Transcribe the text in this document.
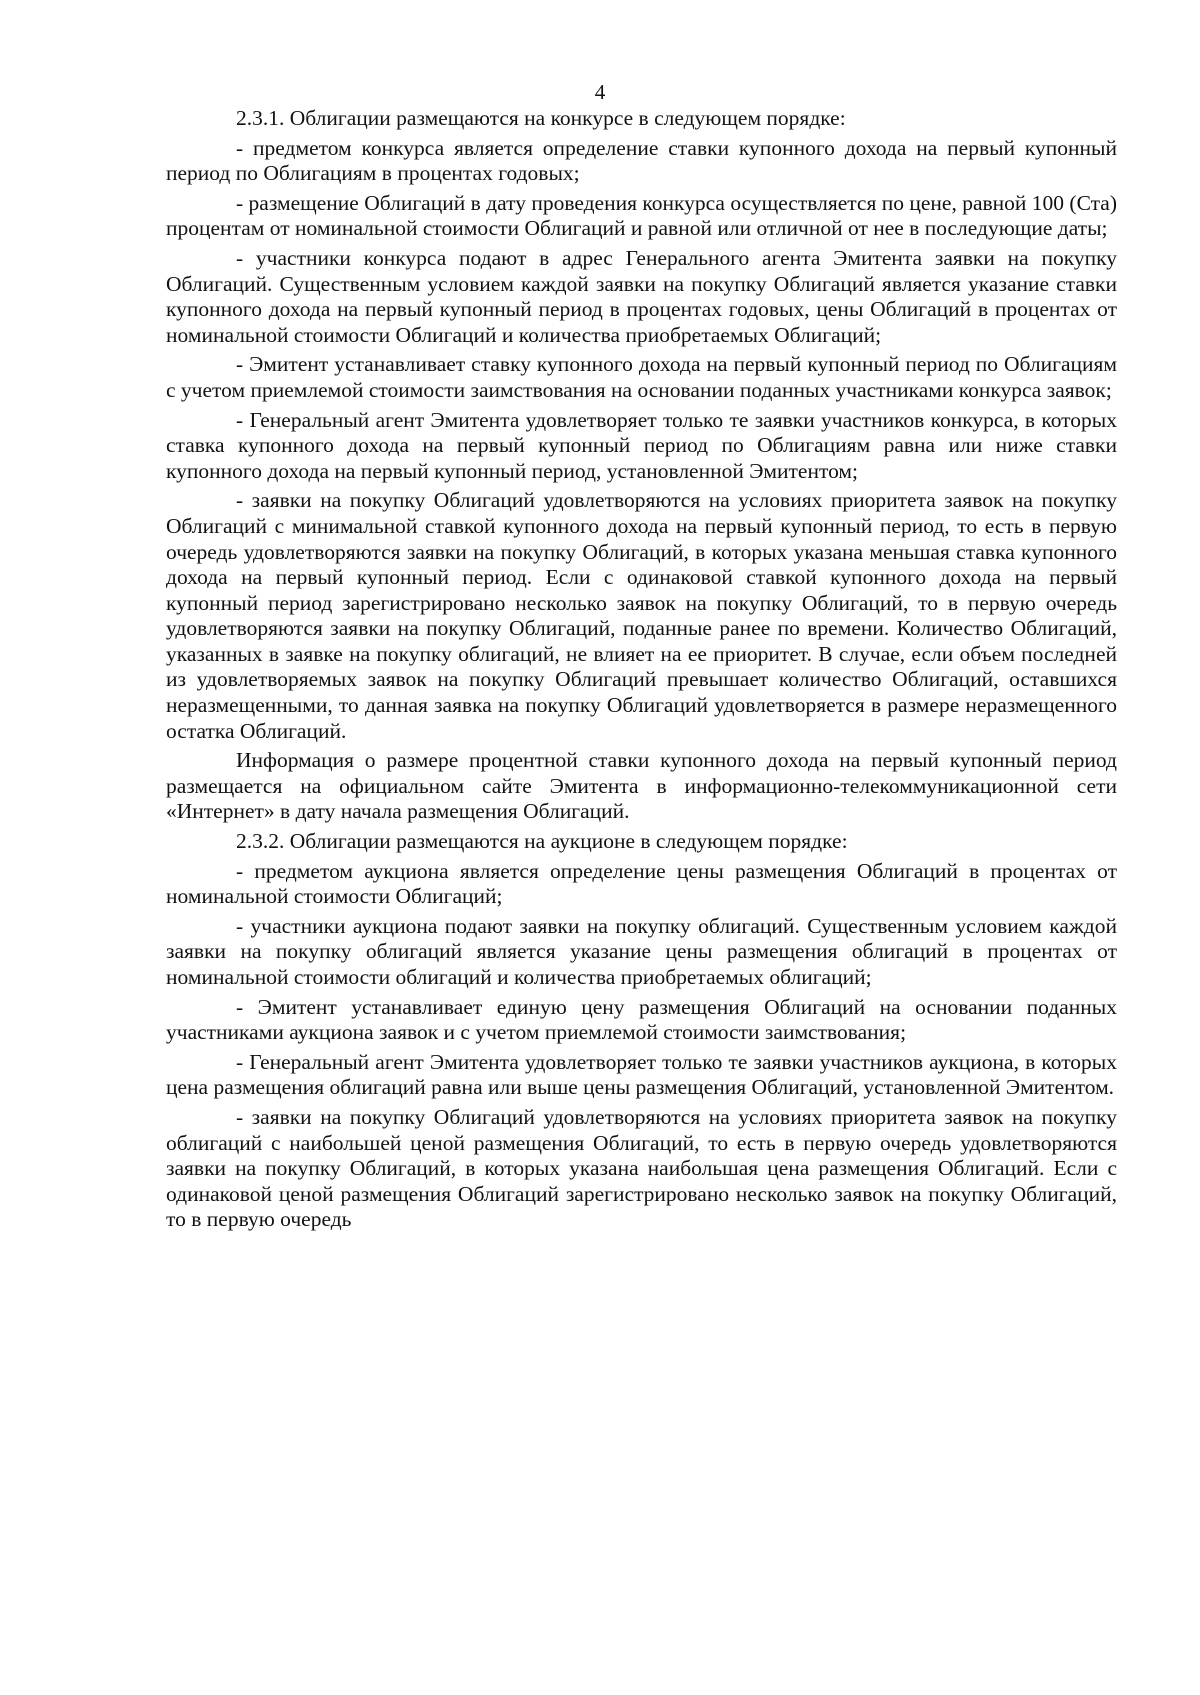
4

2.3.1. Облигации размещаются на конкурсе в следующем порядке:

- предметом конкурса является определение ставки купонного дохода на первый купонный период по Облигациям в процентах годовых;

- размещение Облигаций в дату проведения конкурса осуществляется по цене, равной 100 (Ста) процентам от номинальной стоимости Облигаций и равной или отличной от нее в последующие даты;

- участники конкурса подают в адрес Генерального агента Эмитента заявки на покупку Облигаций. Существенным условием каждой заявки на покупку Облигаций является указание ставки купонного дохода на первый купонный период в процентах годовых, цены Облигаций в процентах от номинальной стоимости Облигаций и количества приобретаемых Облигаций;

- Эмитент устанавливает ставку купонного дохода на первый купонный период по Облигациям с учетом приемлемой стоимости заимствования на основании поданных участниками конкурса заявок;

- Генеральный агент Эмитента удовлетворяет только те заявки участников конкурса, в которых ставка купонного дохода на первый купонный период по Облигациям равна или ниже ставки купонного дохода на первый купонный период, установленной Эмитентом;

- заявки на покупку Облигаций удовлетворяются на условиях приоритета заявок на покупку Облигаций с минимальной ставкой купонного дохода на первый купонный период, то есть в первую очередь удовлетворяются заявки на покупку Облигаций, в которых указана меньшая ставка купонного дохода на первый купонный период. Если с одинаковой ставкой купонного дохода на первый купонный период зарегистрировано несколько заявок на покупку Облигаций, то в первую очередь удовлетворяются заявки на покупку Облигаций, поданные ранее по времени. Количество Облигаций, указанных в заявке на покупку облигаций, не влияет на ее приоритет. В случае, если объем последней из удовлетворяемых заявок на покупку Облигаций превышает количество Облигаций, оставшихся неразмещенными, то данная заявка на покупку Облигаций удовлетворяется в размере неразмещенного остатка Облигаций.

Информация о размере процентной ставки купонного дохода на первый купонный период размещается на официальном сайте Эмитента в информационно-телекоммуникационной сети «Интернет» в дату начала размещения Облигаций.

2.3.2. Облигации размещаются на аукционе в следующем порядке:

- предметом аукциона является определение цены размещения Облигаций в процентах от номинальной стоимости Облигаций;

- участники аукциона подают заявки на покупку облигаций. Существенным условием каждой заявки на покупку облигаций является указание цены размещения облигаций в процентах от номинальной стоимости облигаций и количества приобретаемых облигаций;

- Эмитент устанавливает единую цену размещения Облигаций на основании поданных участниками аукциона заявок и с учетом приемлемой стоимости заимствования;

- Генеральный агент Эмитента удовлетворяет только те заявки участников аукциона, в которых цена размещения облигаций равна или выше цены размещения Облигаций, установленной Эмитентом.

- заявки на покупку Облигаций удовлетворяются на условиях приоритета заявок на покупку облигаций с наибольшей ценой размещения Облигаций, то есть в первую очередь удовлетворяются заявки на покупку Облигаций, в которых указана наибольшая цена размещения Облигаций. Если с одинаковой ценой размещения Облигаций зарегистрировано несколько заявок на покупку Облигаций, то в первую очередь
